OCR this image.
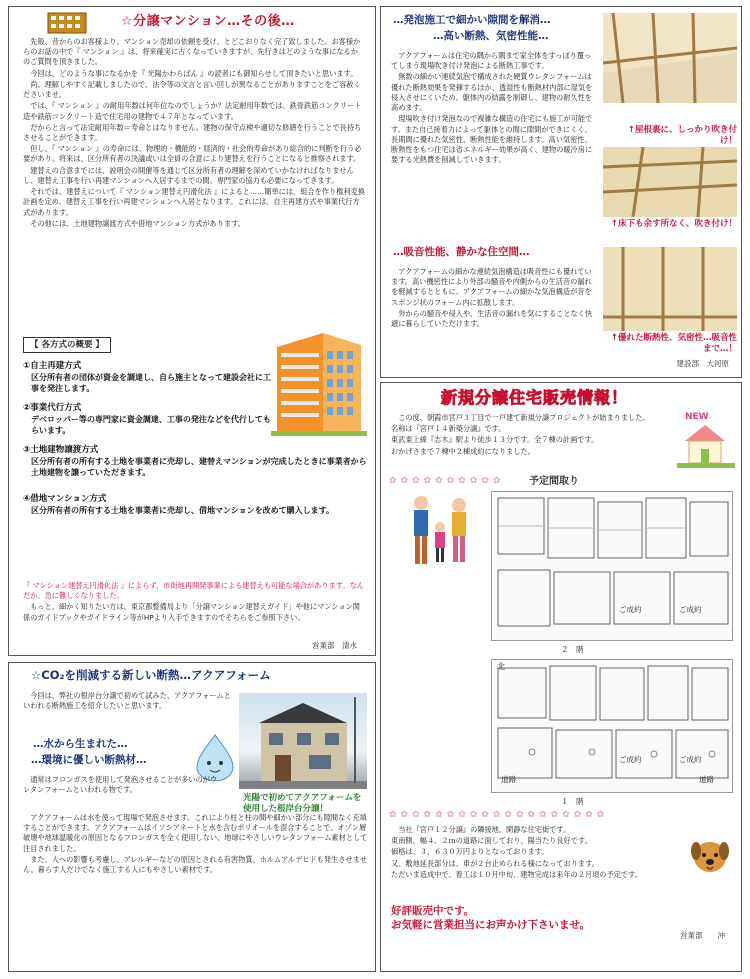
☆分譲マンション…その後…

先般、昔からのお客様より、マンション売却の依頼を受け、とどこおりなく完了致しました。お客様からのお話の中で『 マンション 』は、将来確実に古くなっていきますが、先行きはどのような事になるかのご質問を頂きました。

今回は、どのような事になるかを『 光陽かわらばん 』の読者にも御知らせして頂きたいと思います。

尚、理解しやすく記載しましたので、法令等の文言と言い回しが異なることがありますことをご容赦くださいませ。

では、『 マンション 』の耐用年数は何年位なのでしょうか？法定耐用年数では、鉄骨鉄筋コンクリート造や鉄筋コンクリート造で住宅用の建物で４７年となっています。

だからと言って法定耐用年数＝寿命とはなりません。建物の保守点検や適切な修繕を行うことで長持ちさせることができます。

但し、『 マンション 』の寿命には、物理的・機能的・経済的・社会的寿命があり総合的に判断を行う必要があり、将来は、区分所有者の決議或いは全員の合意により建替えを行うことになると推察されます。

建替えの合意までには、説明会の開催等を通じて区分所有者の理解を深めていかなければなりませんし、建替え工事を行い再建マンションへ入居するまでの間、専門家の協力も必要になってきます。

それでは、建替えについて『 マンション建替え円滑化法 』によると……簡単には、組合を作り権利変換計画を定め、建替え工事を行い再建マンションへ入居となります。これには、自主再建方式や事業代行方式があります。

その他には、土地建物譲渡方式や借地マンション方式があります。

【 各方式の概要 】
①自主再建方式
区分所有者の団体が資金を調達し、自ら施主となって建設会社に工事を発注します。
②事業代行方式
デベロッパー等の専門家に資金調達、工事の発注などを代行してもらいます。
③土地建物譲渡方式
区分所有者の所有する土地を事業者に売却し、建替えマンションが完成したときに事業者から土地建物を譲っていただきます。
④借地マンション方式
区分所有者の所有する土地を事業者に売却し、借地マンションを改めて購入します。

『 マンション建替え円滑化法 』によらず、市街地再開発事業による建替えも可能な場合があります。なんだか、急に難しくなりました。

もっと、細かく知りたい方は、東京都整備局より「分譲マンション建替えガイド」や他にマンション関係のガイドブックやガイドライン等がHPより入手できますのでそちらをご参照下さい。

営業部　清水
☆CO₂を削減する新しい断熱…アクアフォーム

今回は、弊社の根岸台分譲で初めて試みた、アクアフォームといわれる断熱施工を紹介したいと思います。

…水から生まれた…
…環境に優しい断熱材…

通常はフロンガスを使用して発泡させることが多いのがウレタンフォームといわれる物です。

アクアフォームは水を使って現場で発泡させます。これにより柱と柱の間や細かい部分にも隙間なく充填することができます。アクアフォームはイソシアネートと水を含むポリオールを混合することで、オゾン層破壊や地球温暖化の原因となるフロンガスを全く使用しない、地球にやさしいウレタンフォーム素材として注目されました。

また、人への影響も考慮し、アレルギーなどの原因とされる有害物質、ホルムアルデヒドも発生させません。暮らす人だけでなく施工する人にもやさしい素材です。

光陽で初めてアクアフォームを使用した根岸台分譲！
…発泡施工で細かい隙間を解消…
…高い断熱、気密性能…

アクアフォームは住宅の隅から隅まで家全体をすっぽり覆ってしまう現場吹き付け発泡による断熱工事です。

無数の細かい連続気泡で構成された硬質ウレタンフォームは優れた断熱効果を発揮するほか、透湿性も断熱材内部に湿気を侵入させにくいため、躯体内の結露を制御し、建物の耐久性を高めます。

現場吹き付け発泡なので複雑な構造の住宅にも施工が可能です。また自己接着力によって躯体との間に隙間ができにくく、長期間に優れた気密性、断熱性能を維持します。高い気密性、断熱性をもつ住宅は省エネルギー効果が高く、建物の暖冷房に要する光熱費を削減していきます。

…吸音性能、静かな住空間…

アクアフォームの細かな連続気泡構造は吸音性にも優れています。高い機密性により外部の騒音や内側からの生活音の漏れを軽減するとともに、アクアフォームの細かな気泡構造が音をスポンジ状のフォーム内に拡散します。

外からの騒音や侵入や、生活音の漏れを気にすることなく快適に暮らしていただけます。

↑屋根裏に、しっかり吹き付け！
↑床下も余す所なく、吹き付け！
↑優れた断熱性、気密性…吸音性まで…！
建設部　大河原
新規分譲住宅販売情報！

この度、朝霞市宮戸３丁目で一戸建て新規分譲プロジェクトが始まりました。

名称は『宮戸１４新築分譲』です。

東武東上線『志木』駅より徒歩１３分です。全７棟の計画です。

おかげさまで７棟中２棟成約になりました。

NEW
✿✿✿✿✿✿✿✿✿✿	予定間取り
ご成約	ご成約
２　階
北
ご成約	ご成約
道路	道路
１　階
✿✿✿✿✿✿✿✿✿✿✿✿✿✿✿✿✿✿✿

当社『宮戸１２分譲』の隣接地。閑静な住宅街です。

東南側、幅４．２ｍの道路に面しており、陽当たり良好です。

価格は、３，６３０万円よりとなっております。

又、敷地延長部分は、車が２台止められる様になっております。

ただいま造成中で、着工は１０月中旬、建物完成は来年の２月頃の予定です。

好評販売中です。
お気軽に営業担当にお声かけ下さいませ。
営業部　　沖
